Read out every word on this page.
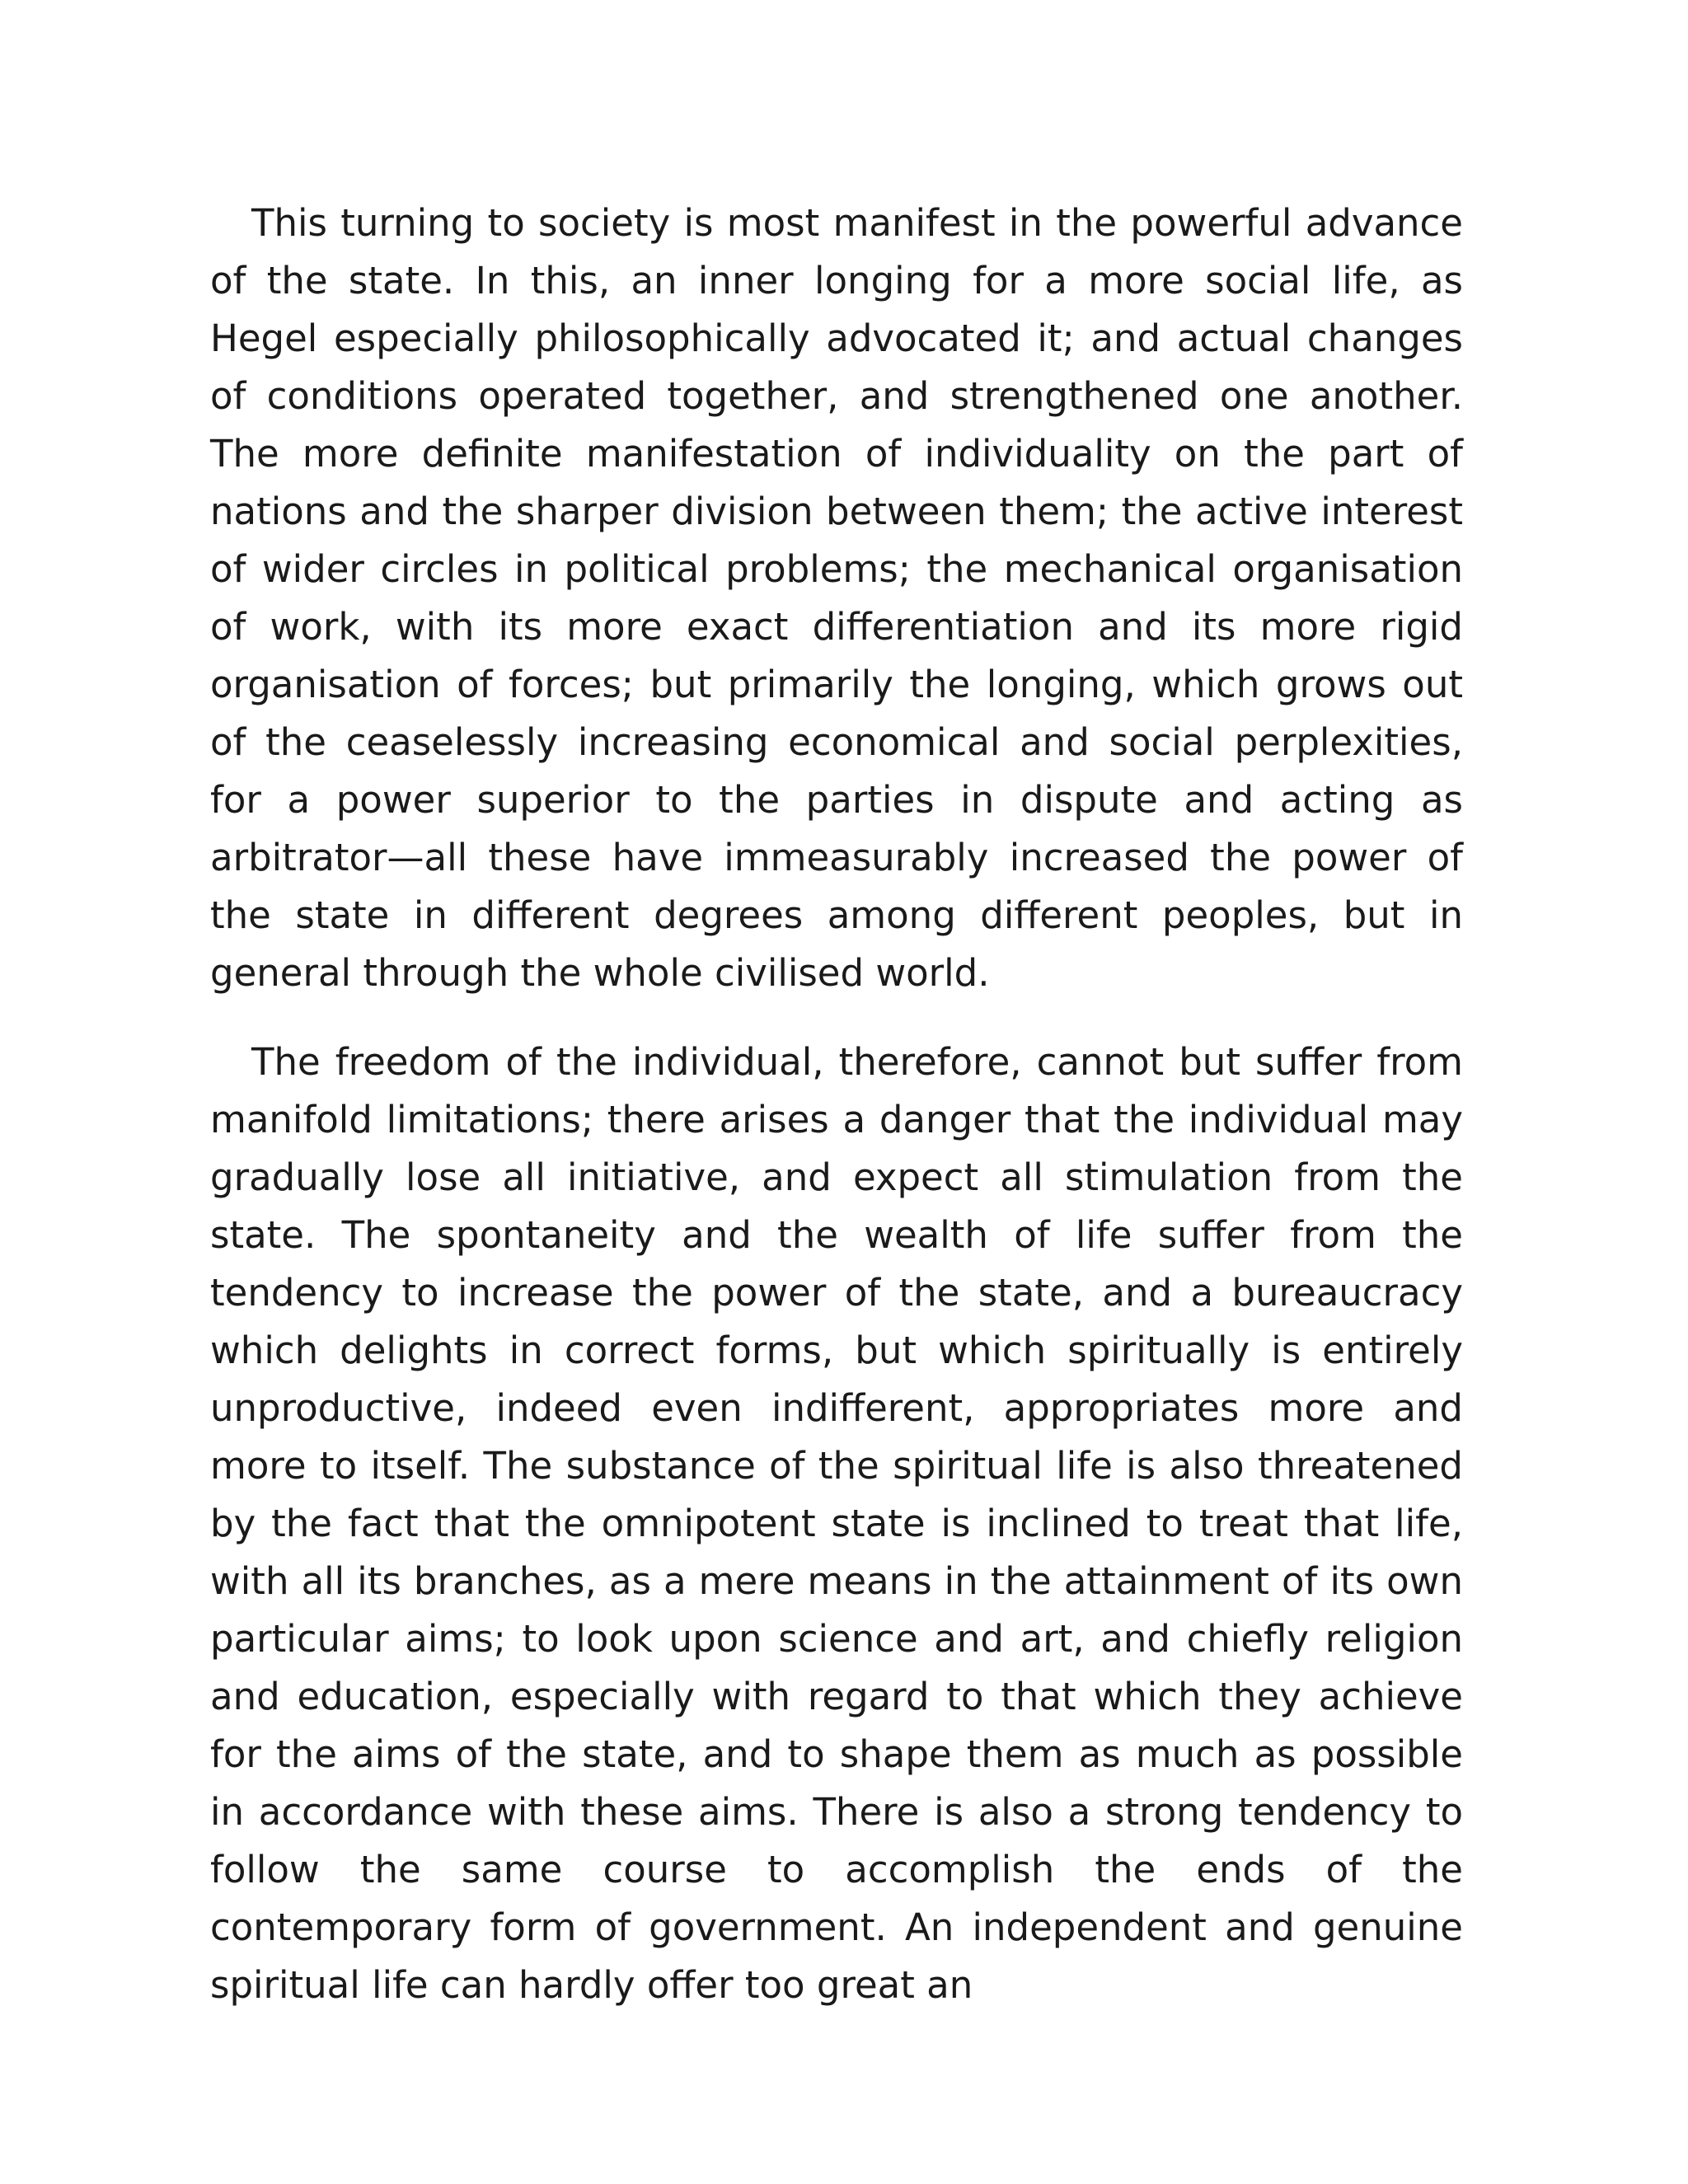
This turning to society is most manifest in the powerful advance of the state. In this, an inner longing for a more social life, as Hegel especially philosophically advocated it; and actual changes of conditions operated together, and strengthened one another. The more definite manifestation of individuality on the part of nations and the sharper division between them; the active interest of wider circles in political problems; the mechanical organisation of work, with its more exact differentiation and its more rigid organisation of forces; but primarily the longing, which grows out of the ceaselessly increasing economical and social perplexities, for a power superior to the parties in dispute and acting as arbitrator—all these have immeasurably increased the power of the state in different degrees among different peoples, but in general through the whole civilised world.

The freedom of the individual, therefore, cannot but suffer from manifold limitations; there arises a danger that the individual may gradually lose all initiative, and expect all stimulation from the state. The spontaneity and the wealth of life suffer from the tendency to increase the power of the state, and a bureaucracy which delights in correct forms, but which spiritually is entirely unproductive, indeed even indifferent, appropriates more and more to itself. The substance of the spiritual life is also threatened by the fact that the omnipotent state is inclined to treat that life, with all its branches, as a mere means in the attainment of its own particular aims; to look upon science and art, and chiefly religion and education, especially with regard to that which they achieve for the aims of the state, and to shape them as much as possible in accordance with these aims. There is also a strong tendency to follow the same course to accomplish the ends of the contemporary form of government. An independent and genuine spiritual life can hardly offer too great an
